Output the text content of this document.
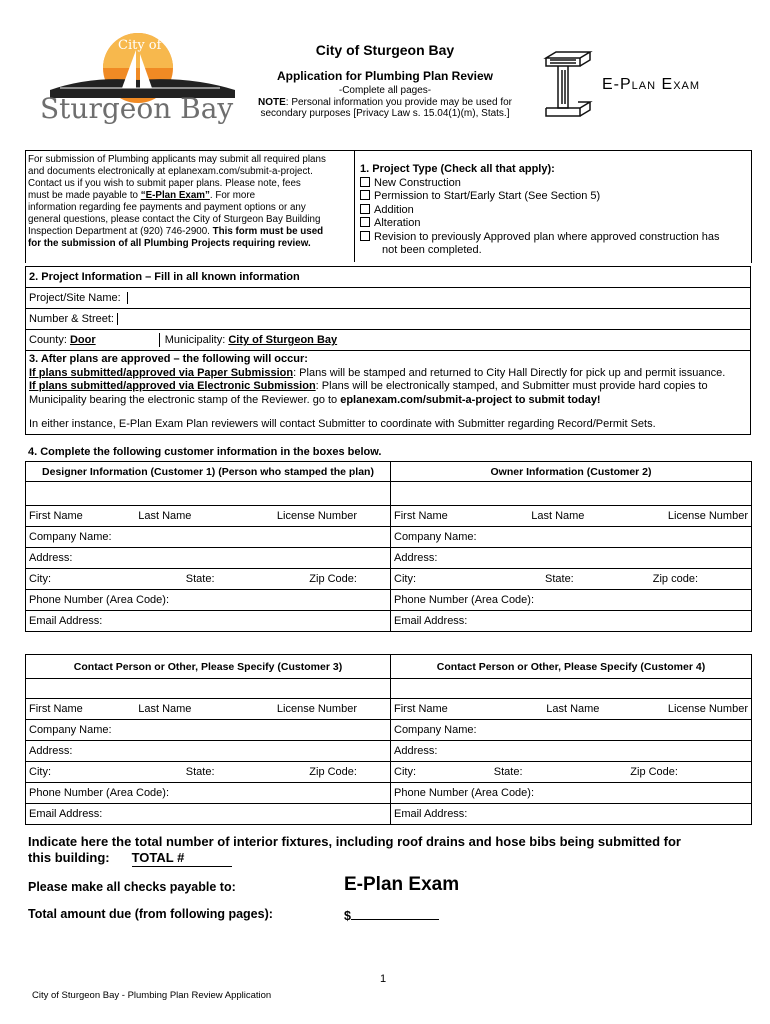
City of
Sturgeon Bay
City of Sturgeon Bay
Application for Plumbing Plan Review
-Complete all pages-
NOTE: Personal information you provide may be used for
secondary purposes [Privacy Law s. 15.04(1)(m), Stats.]
E-Plan Exam
For submission of Plumbing applicants may submit all required plans
and documents electronically at eplanexam.com/submit-a-project.
Contact us if you wish to submit paper plans. Please note, fees
must be made payable to “E-Plan Exam”. For more
information regarding fee payments and payment options or any
general questions, please contact the City of Sturgeon Bay Building
Inspection Department at (920) 746-2900. This form must be used
for the submission of all Plumbing Projects requiring review.
1. Project Type (Check all that apply):
New Construction
Permission to Start/Early Start (See Section 5)
Addition
Alteration
Revision to previously Approved plan where approved construction has
not been completed.
2. Project Information – Fill in all known information
Project/Site Name:
Number & Street:
County: Door	Municipality: City of Sturgeon Bay

3. After plans are approved – the following will occur:
If plans submitted/approved via Paper Submission: Plans will be stamped and returned to City Hall Directly for pick up and permit issuance.
If plans submitted/approved via Electronic Submission: Plans will be electronically stamped, and Submitter must provide hard copies to
Municipality bearing the electronic stamp of the Reviewer. go to eplanexam.com/submit-a-project to submit today!
In either instance, E-Plan Exam Plan reviewers will contact Submitter to coordinate with Submitter regarding Record/Permit Sets.
4. Complete the following customer information in the boxes below.
Designer Information (Customer 1) (Person who stamped the plan)	Owner Information (Customer 2)

First Name Last Name License Number	First Name Last Name License Number

Company Name:	Company Name:
Address:	Address:

City: State: Zip Code:	City: State: Zip code:

Phone Number (Area Code):	Phone Number (Area Code):
Email Address:	Email Address:
Contact Person or Other, Please Specify (Customer 3)	Contact Person or Other, Please Specify (Customer 4)

First Name Last Name License Number	First Name Last Name License Number

Company Name:	Company Name:
Address:	Address:

City: State: Zip Code:	City: State: Zip Code:

Phone Number (Area Code):	Phone Number (Area Code):
Email Address:	Email Address:
Indicate here the total number of interior fixtures, including roof drains and hose bibs being submitted for
this building: TOTAL #
Please make all checks payable to:	E-Plan Exam
Total amount due (from following pages):	$
1
City of Sturgeon Bay - Plumbing Plan Review Application
